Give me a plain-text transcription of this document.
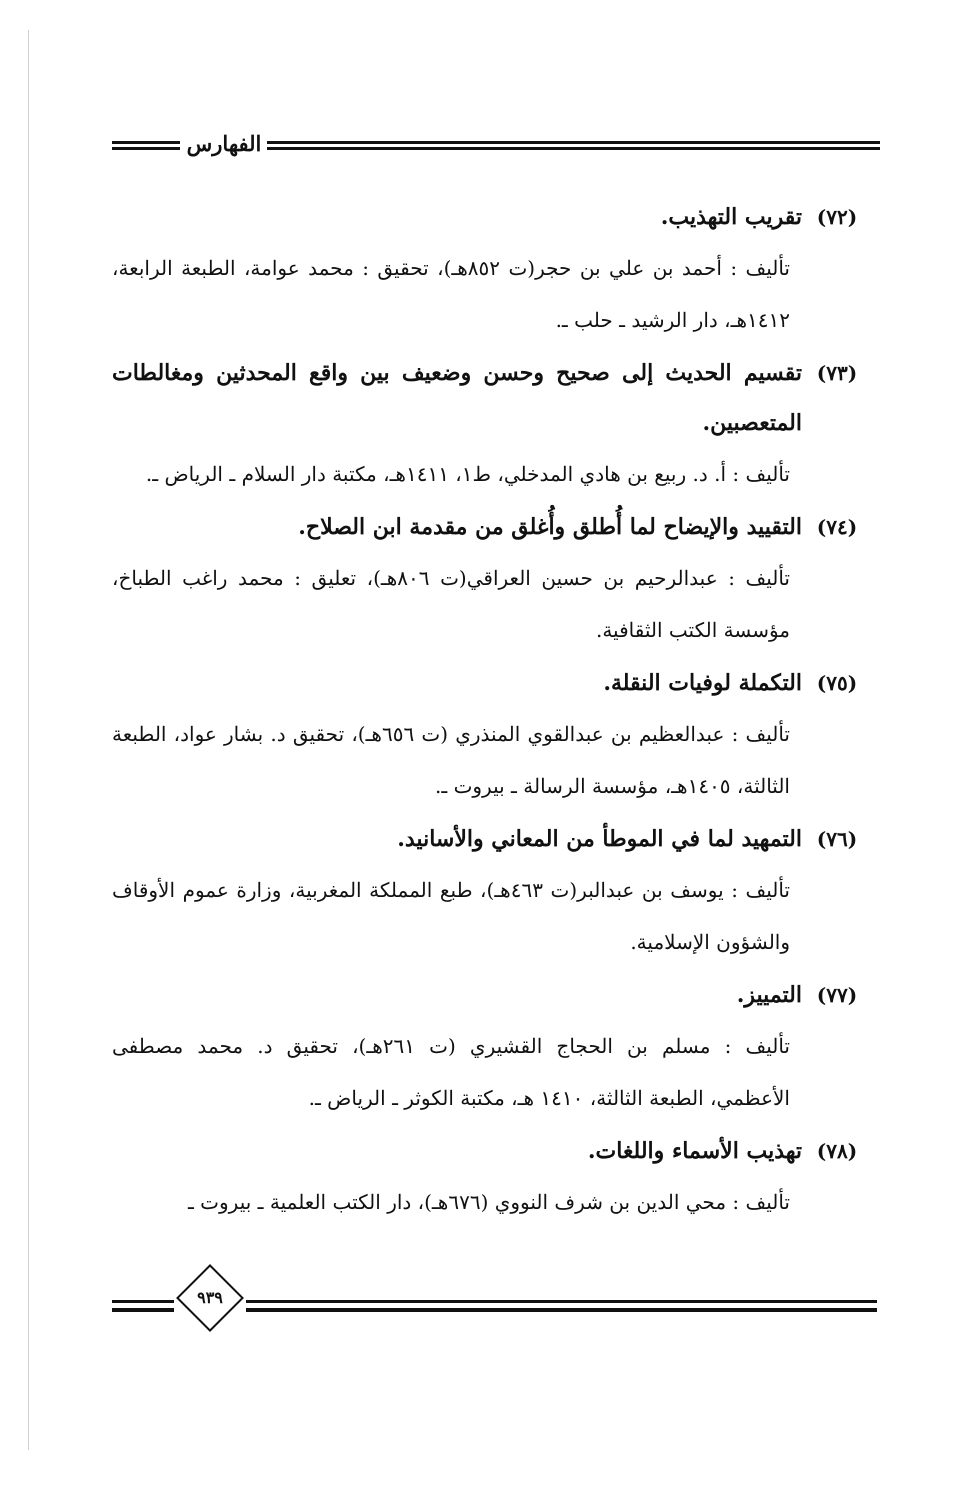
الفهارس
(٧٢)
تقريب التهذيب.
تأليف : أحمد بن علي بن حجر(ت ٨٥٢هـ)، تحقيق : محمد عوامة، الطبعة الرابعة، ١٤١٢هـ، دار الرشيد ـ حلب ـ.
(٧٣)
تقسيم الحديث إلى صحيح وحسن وضعيف بين واقع المحدثين ومغالطات المتعصبين.
تأليف : أ. د. ربيع بن هادي المدخلي، ط١، ١٤١١هـ، مكتبة دار السلام ـ الرياض ـ.
(٧٤)
التقييد والإيضاح لما أُطلق وأُغلق من مقدمة ابن الصلاح.
تأليف : عبدالرحيم بن حسين العراقي(ت ٨٠٦هـ)، تعليق : محمد راغب الطباخ، مؤسسة الكتب الثقافية.
(٧٥)
التكملة لوفيات النقلة.
تأليف : عبدالعظيم بن عبدالقوي المنذري (ت ٦٥٦هـ)، تحقيق د. بشار عواد، الطبعة الثالثة، ١٤٠٥هـ، مؤسسة الرسالة ـ بيروت ـ.
(٧٦)
التمهيد لما في الموطأ من المعاني والأسانيد.
تأليف : يوسف بن عبدالبر(ت ٤٦٣هـ)، طبع المملكة المغربية، وزارة عموم الأوقاف والشؤون الإسلامية.
(٧٧)
التمييز.
تأليف : مسلم بن الحجاج القشيري (ت ٢٦١هـ)، تحقيق د. محمد مصطفى الأعظمي، الطبعة الثالثة، ١٤١٠ هـ، مكتبة الكوثر ـ الرياض ـ.
(٧٨)
تهذيب الأسماء واللغات.
تأليف : محي الدين بن شرف النووي (٦٧٦هـ)، دار الكتب العلمية ـ بيروت ـ
٩٣٩
